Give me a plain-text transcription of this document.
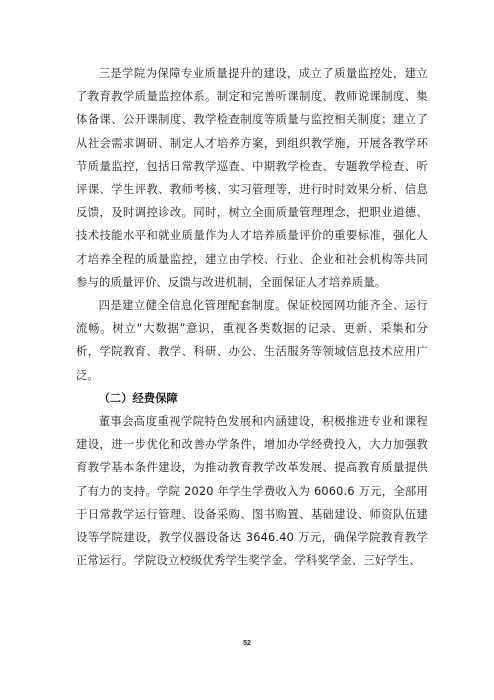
三是学院为保障专业质量提升的建设，成立了质量监控处，建立了教育教学质量监控体系。制定和完善听课制度、教师说课制度、集体备课、公开课制度、教学检查制度等质量与监控相关制度；建立了从社会需求调研、制定人才培养方案，到组织教学施，开展各教学环节质量监控，包括日常教学巡查、中期教学检查、专题教学检查、听评课、学生评教、教师考核、实习管理等，进行时时效果分析、信息反馈，及时调控诊改。同时，树立全面质量管理理念，把职业道德、技术技能水平和就业质量作为人才培养质量评价的重要标准，强化人才培养全程的质量监控，建立由学校、行业、企业和社会机构等共同参与的质量评价、反馈与改进机制，全面保证人才培养质量。

四是建立健全信息化管理配套制度。保证校园网功能齐全、运行流畅。树立“大数据”意识，重视各类数据的记录、更新、采集和分析，学院教育、教学、科研、办公、生活服务等领域信息技术应用广泛。

（二）经费保障

董事会高度重视学院特色发展和内涵建设，积极推进专业和课程建设，进一步优化和改善办学条件，增加办学经费投入，大力加强教育教学基本条件建设，为推动教育教学改革发展、提高教育质量提供了有力的支持。学院 2020 年学生学费收入为 6060.6 万元，全部用于日常教学运行管理、设备采购、图书购置、基础建设、师资队伍建设等学院建设，教学仪器设备达 3646.40 万元，确保学院教育教学正常运行。学院设立校级优秀学生奖学金、学科奖学金、三好学生、

52
